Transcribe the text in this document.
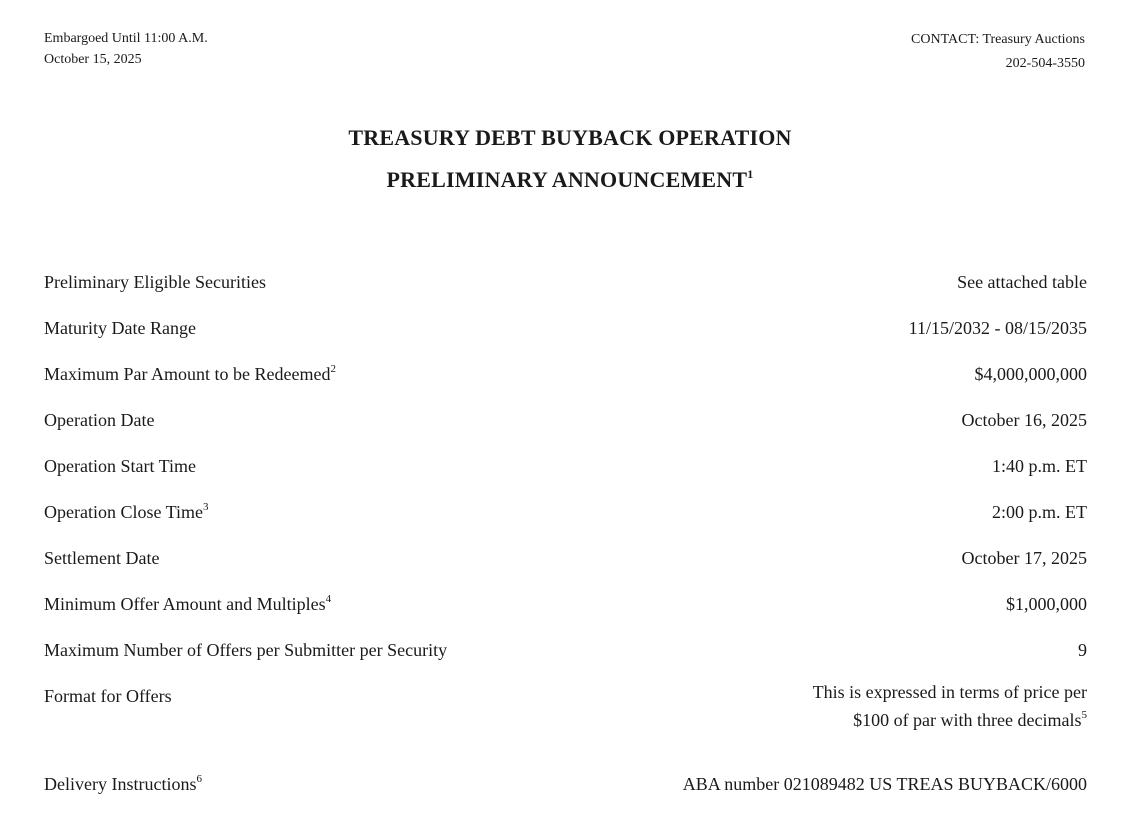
Embargoed Until 11:00 A.M.
October 15, 2025
CONTACT: Treasury Auctions
202-504-3550
TREASURY DEBT BUYBACK OPERATION
PRELIMINARY ANNOUNCEMENT$^1$
Preliminary Eligible Securities	See attached table
Maturity Date Range	11/15/2032 - 08/15/2035
Maximum Par Amount to be Redeemed$^2$	$4,000,000,000
Operation Date	October 16, 2025
Operation Start Time	1:40 p.m. ET
Operation Close Time$^3$	2:00 p.m. ET
Settlement Date	October 17, 2025
Minimum Offer Amount and Multiples$^4$	$1,000,000
Maximum Number of Offers per Submitter per Security	9
Format for Offers	This is expressed in terms of price per
$100 of par with three decimals$^5$
Delivery Instructions$^6$	ABA number 021089482 US TREAS BUYBACK/6000
